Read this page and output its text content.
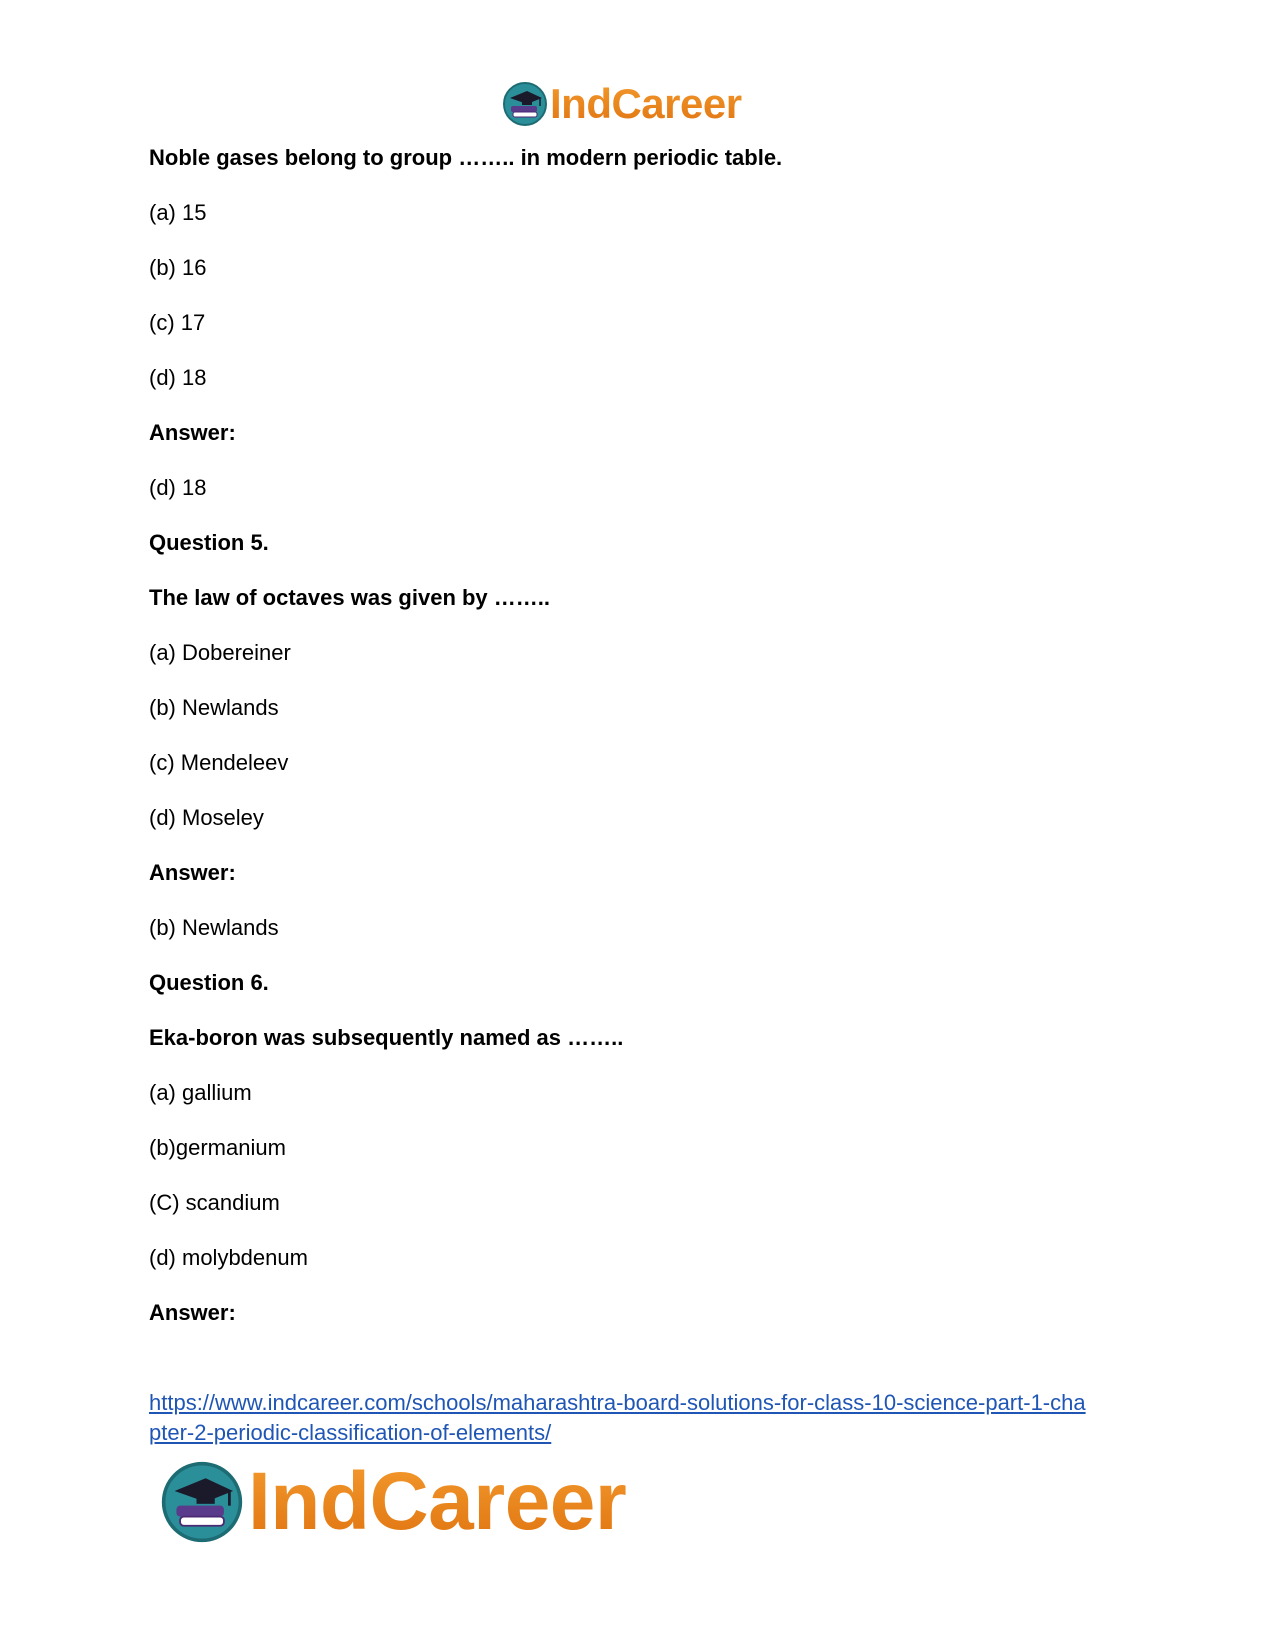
IndCareer
Noble gases belong to group …….. in modern periodic table.
(a) 15
(b) 16
(c) 17
(d) 18
Answer:
(d) 18
Question 5.
The law of octaves was given by ……..
(a) Dobereiner
(b) Newlands
(c) Mendeleev
(d) Moseley
Answer:
(b) Newlands
Question 6.
Eka-boron was subsequently named as ……..
(a) gallium
(b)germanium
(C) scandium
(d) molybdenum
Answer:
https://www.indcareer.com/schools/maharashtra-board-solutions-for-class-10-science-part-1-cha
pter-2-periodic-classification-of-elements/
IndCareer
